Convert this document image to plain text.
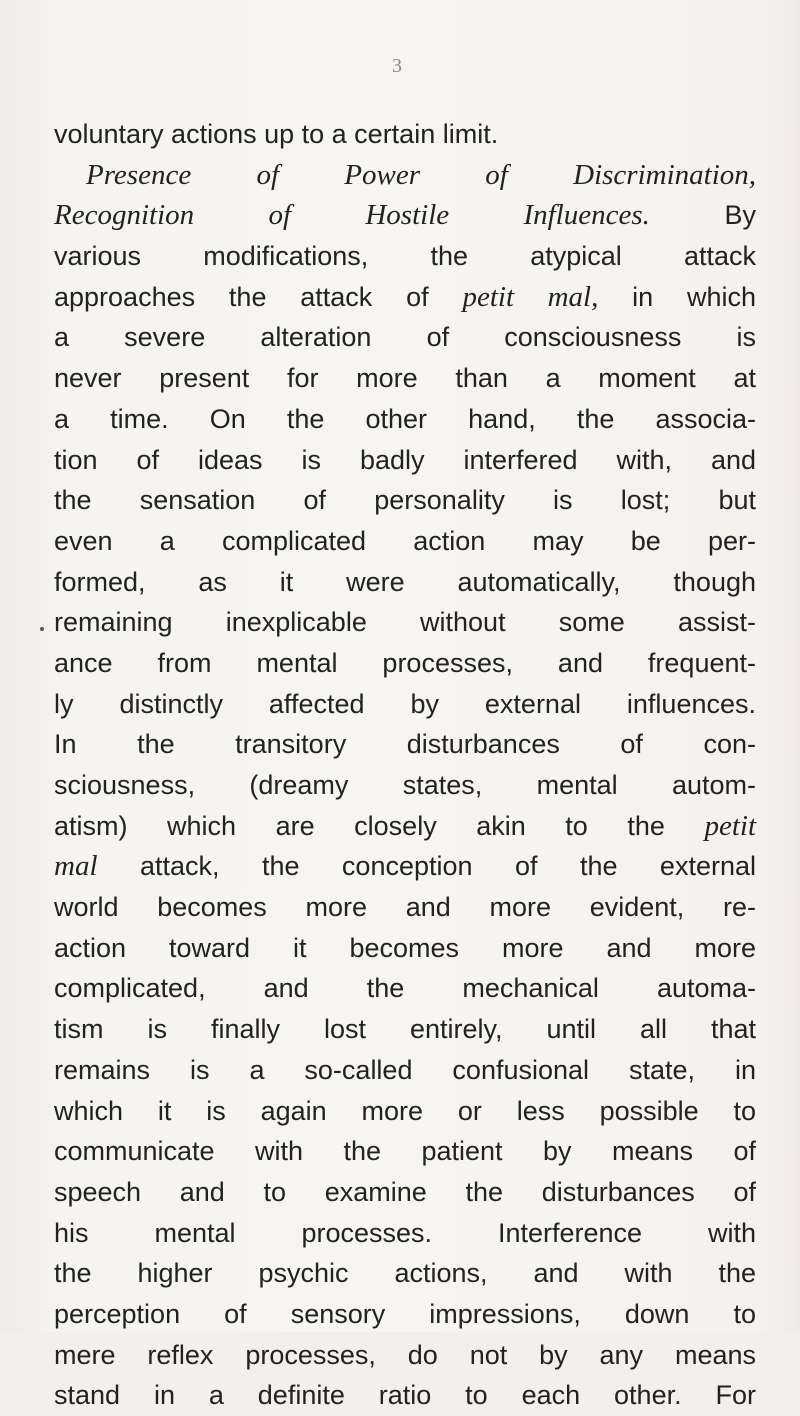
3
voluntary actions up to a certain limit.
Presence of Power of Discrimination,
Recognition of Hostile Influences. By
various modifications, the atypical attack
approaches the attack of petit mal, in which
a severe alteration of consciousness is
never present for more than a moment at
a time. On the other hand, the associa-
tion of ideas is badly interfered with, and
the sensation of personality is lost; but
even a complicated action may be per-
formed, as it were automatically, though
remaining inexplicable without some assist-
ance from mental processes, and frequent-
ly distinctly affected by external influences.
In the transitory disturbances of con-
sciousness, (dreamy states, mental autom-
atism) which are closely akin to the petit
mal attack, the conception of the external
world becomes more and more evident, re-
action toward it becomes more and more
complicated, and the mechanical automa-
tism is finally lost entirely, until all that
remains is a so-called confusional state, in
which it is again more or less possible to
communicate with the patient by means of
speech and to examine the disturbances of
his mental processes. Interference with
the higher psychic actions, and with the
perception of sensory impressions, down to
mere reflex processes, do not by any means
stand in a definite ratio to each other. For
